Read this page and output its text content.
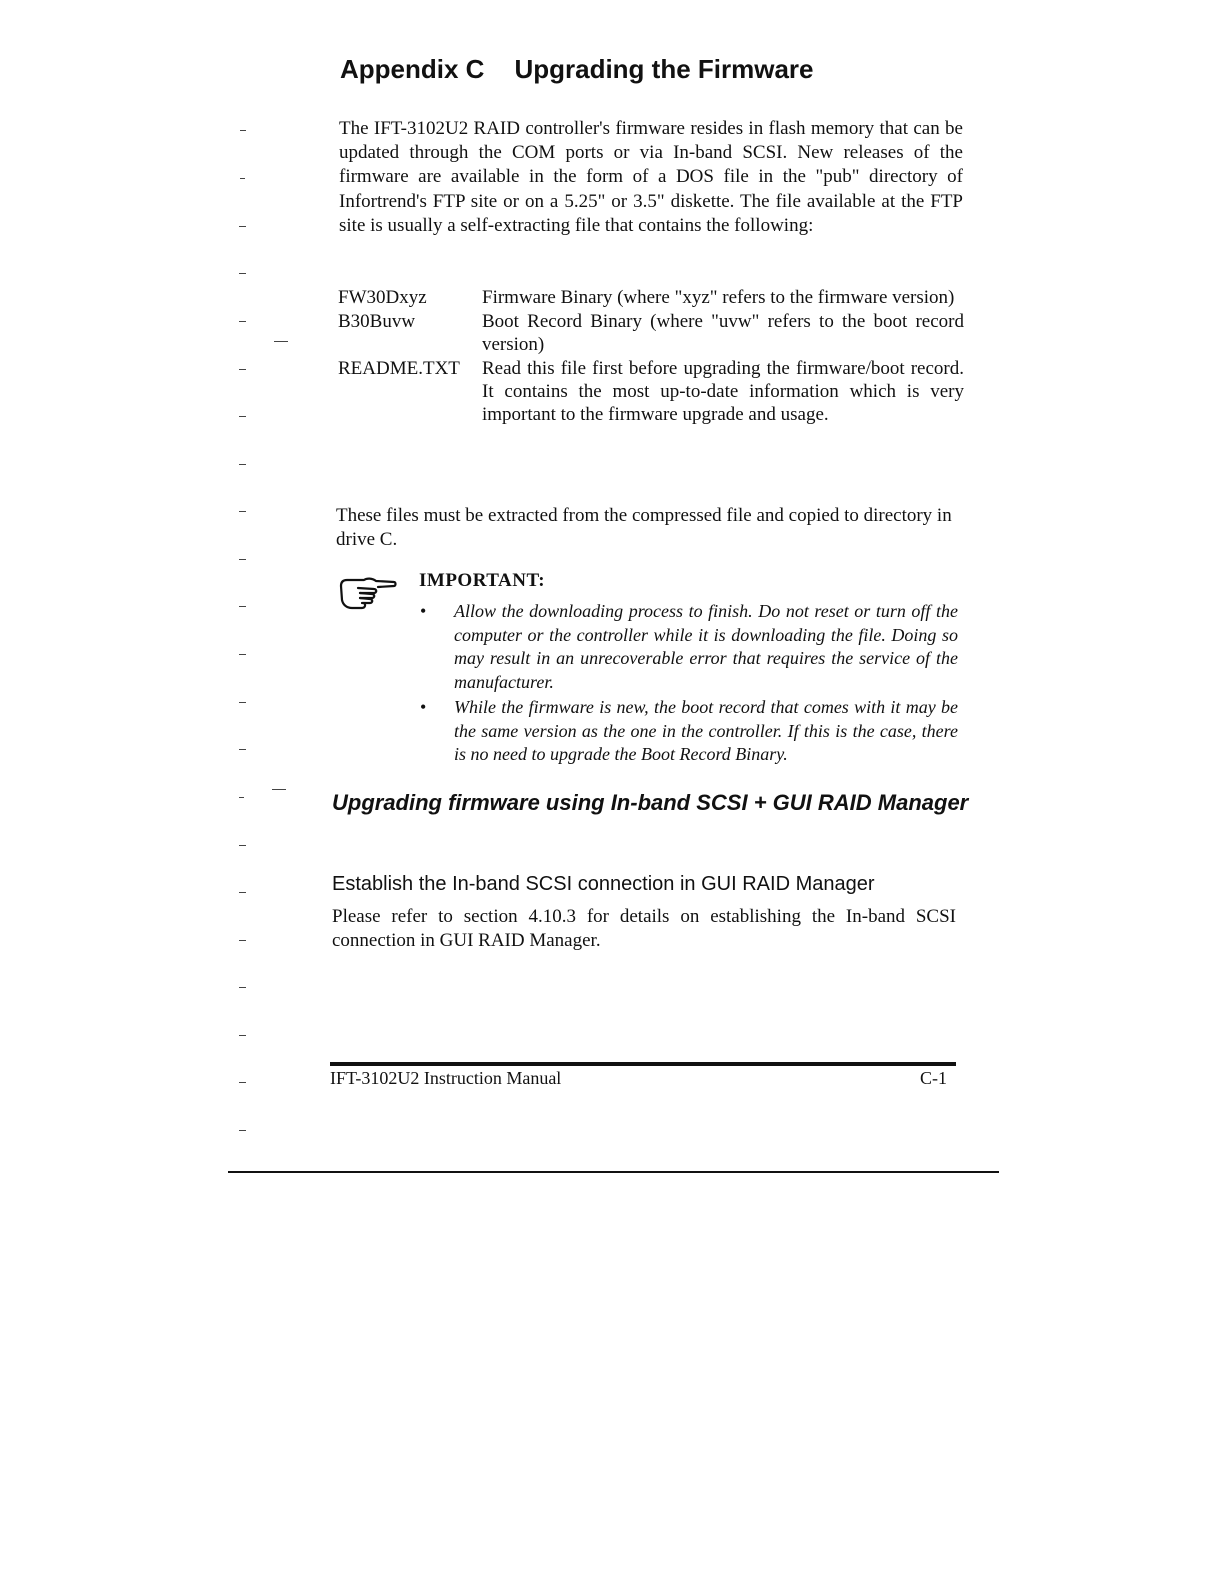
Appendix C Upgrading the Firmware

The IFT-3102U2 RAID controller's firmware resides in flash memory that can be updated through the COM ports or via In-band SCSI. New releases of the firmware are available in the form of a DOS file in the "pub" directory of Infortrend's FTP site or on a 5.25" or 3.5" diskette. The file available at the FTP site is usually a self-extracting file that contains the following:

FW30Dxyz	Firmware Binary (where "xyz" refers to the firmware version)
B30Buvw	Boot Record Binary (where "uvw" refers to the boot record version)
README.TXT	Read this file first before upgrading the firmware/boot record. It contains the most up-to-date information which is very important to the firmware upgrade and usage.

These files must be extracted from the compressed file and copied to directory in drive C.

IMPORTANT:

• Allow the downloading process to finish. Do not reset or turn off the computer or the controller while it is downloading the file. Doing so may result in an unrecoverable error that requires the service of the manufacturer.
• While the firmware is new, the boot record that comes with it may be the same version as the one in the controller. If this is the case, there is no need to upgrade the Boot Record Binary.
Upgrading firmware using In-band SCSI + GUI RAID Manager
Establish the In-band SCSI connection in GUI RAID Manager

Please refer to section 4.10.3 for details on establishing the In-band SCSI connection in GUI RAID Manager.

IFT-3102U2 Instruction Manual	C-1
